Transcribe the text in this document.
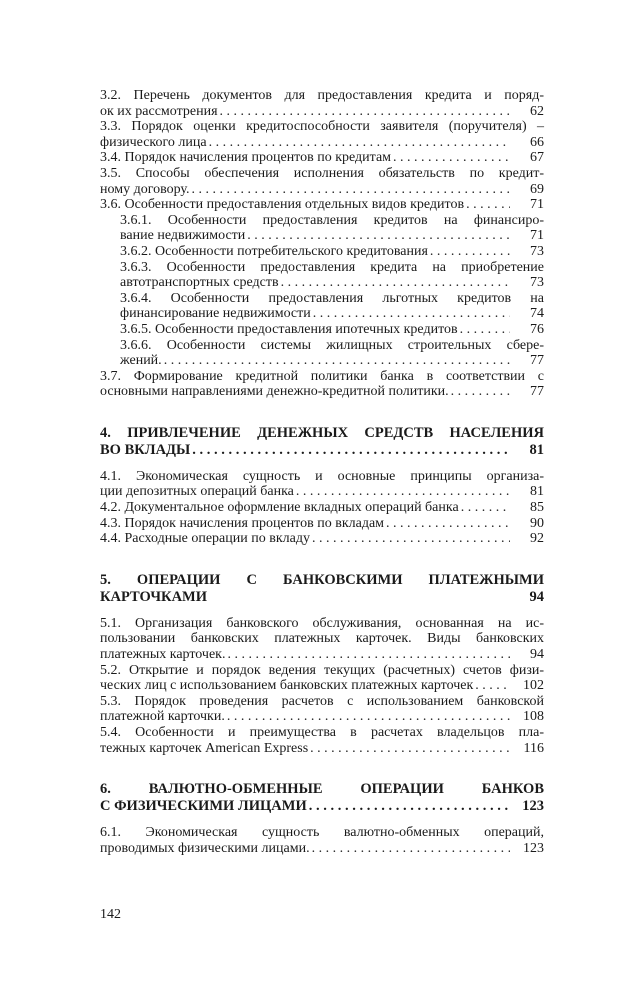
3.2. Перечень документов для предоставления кредита и поряд-
ок их рассмотрения . . .	62
3.3. Порядок оценки кредитоспособности заявителя (поручителя) –
физического лица . . .	66
3.4. Порядок начисления процентов по кредитам . . .	67
3.5. Способы обеспечения исполнения обязательств по кредит-
ному договору. . . .	69
3.6. Особенности предоставления отдельных видов кредитов . . .	71
3.6.1. Особенности предоставления кредитов на финансиро-
вание недвижимости . . .	71
3.6.2. Особенности потребительского кредитования . . .	73
3.6.3. Особенности предоставления кредита на приобретение
автотранспортных средств . . .	73
3.6.4. Особенности предоставления льготных кредитов на
финансирование недвижимости . . .	74
3.6.5. Особенности предоставления ипотечных кредитов . . .	76
3.6.6. Особенности системы жилищных строительных сбере-
жений. . . .	77
3.7. Формирование кредитной политики банка в соответствии с
основными направлениями денежно-кредитной политики. . . .	77
4. ПРИВЛЕЧЕНИЕ ДЕНЕЖНЫХ СРЕДСТВ НАСЕЛЕНИЯ
ВО ВКЛАДЫ . . .	81
4.1. Экономическая сущность и основные принципы организа-
ции депозитных операций банка . . .	81
4.2. Документальное оформление вкладных операций банка . . .	85
4.3. Порядок начисления процентов по вкладам . . .	90
4.4. Расходные операции по вкладу . . .	92
5. ОПЕРАЦИИ С БАНКОВСКИМИ ПЛАТЕЖНЫМИ
КАРТОЧКАМИ	94
5.1. Организация банковского обслуживания, основанная на ис-
пользовании банковских платежных карточек. Виды банковских
платежных карточек. . . .	94
5.2. Открытие и порядок ведения текущих (расчетных) счетов физи-
ческих лиц с использованием банковских платежных карточек . . .	102
5.3. Порядок проведения расчетов с использованием банковской
платежной карточки. . . .	108
5.4. Особенности и преимущества в расчетах владельцов пла-
тежных карточек American Express . . .	116
6. ВАЛЮТНО-ОБМЕННЫЕ ОПЕРАЦИИ БАНКОВ
С ФИЗИЧЕСКИМИ ЛИЦАМИ . . .	123
6.1. Экономическая сущность валютно-обменных операций,
проводимых физическими лицами. . . .	123
142
